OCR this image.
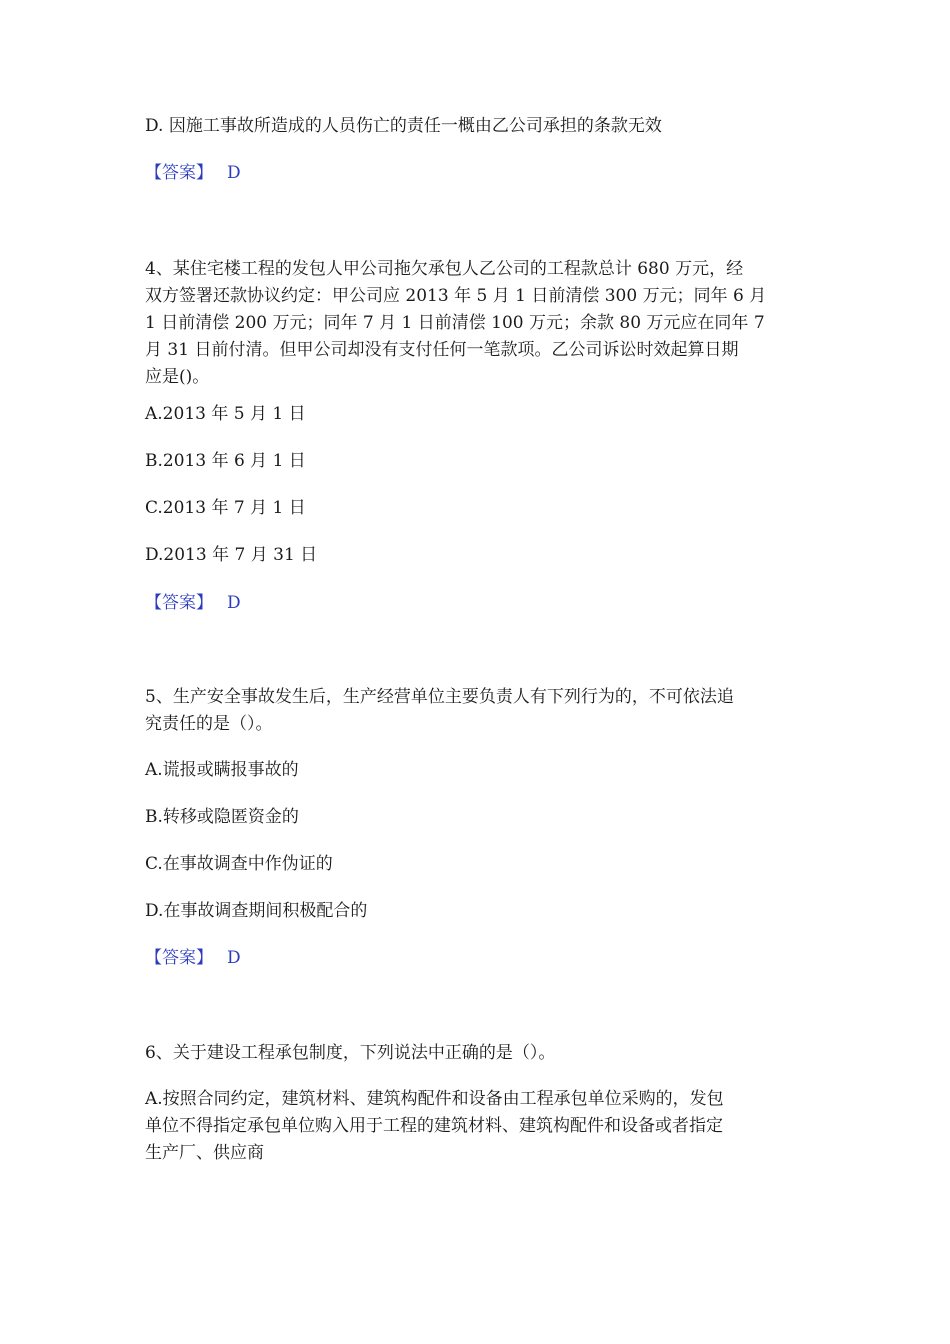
D. 因施工事故所造成的人员伤亡的责任一概由乙公司承担的条款无效
【答案】 D
4、某住宅楼工程的发包人甲公司拖欠承包人乙公司的工程款总计 680 万元，经
双方签署还款协议约定：甲公司应 2013 年 5 月 1 日前清偿 300 万元；同年 6 月
1 日前清偿 200 万元；同年 7 月 1 日前清偿 100 万元；余款 80 万元应在同年 7
月 31 日前付清。但甲公司却没有支付任何一笔款项。乙公司诉讼时效起算日期
应是()。
A.2013 年 5 月 1 日
B.2013 年 6 月 1 日
C.2013 年 7 月 1 日
D.2013 年 7 月 31 日
【答案】 D
5、生产安全事故发生后，生产经营单位主要负责人有下列行为的，不可依法追
究责任的是（）。
A.谎报或瞒报事故的
B.转移或隐匿资金的
C.在事故调查中作伪证的
D.在事故调查期间积极配合的
【答案】 D
6、关于建设工程承包制度，下列说法中正确的是（）。
A.按照合同约定，建筑材料、建筑构配件和设备由工程承包单位采购的，发包
单位不得指定承包单位购入用于工程的建筑材料、建筑构配件和设备或者指定
生产厂、供应商
